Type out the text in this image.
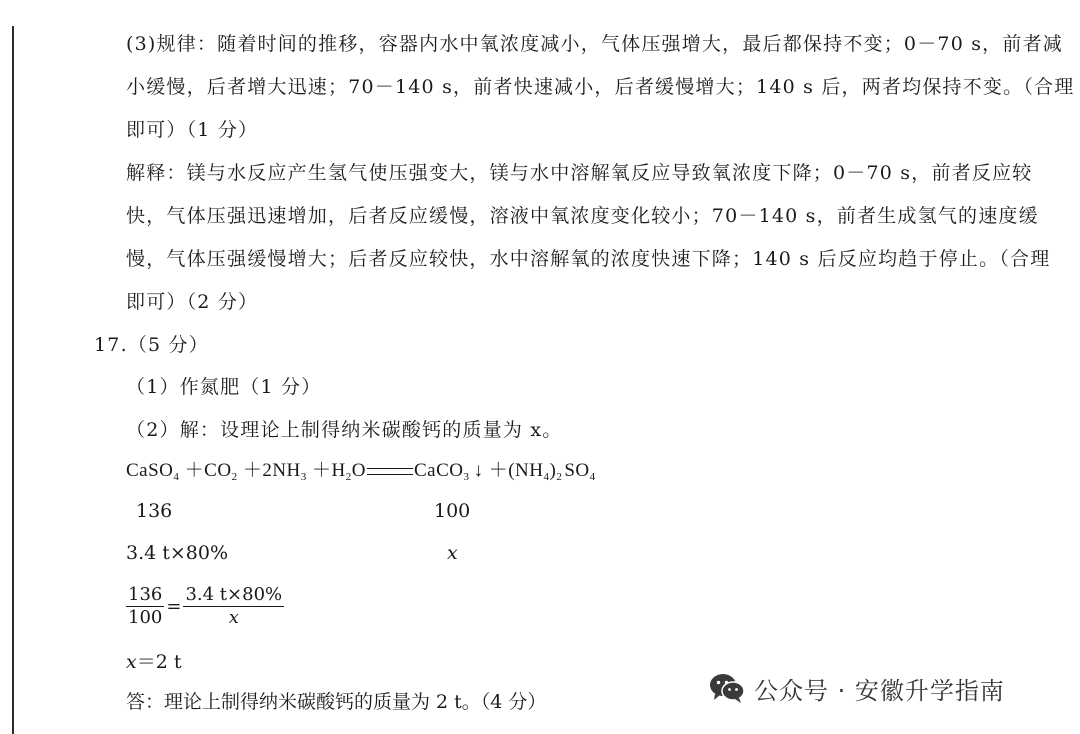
(3)规律：随着时间的推移，容器内水中氧浓度减小，气体压强增大，最后都保持不变；0－70 s，前者减
小缓慢，后者增大迅速；70－140 s，前者快速减小，后者缓慢增大；140 s 后，两者均保持不变。（合理
即可）（1 分）
解释：镁与水反应产生氢气使压强变大，镁与水中溶解氧反应导致氧浓度下降；0－70 s，前者反应较
快，气体压强迅速增加，后者反应缓慢，溶液中氧浓度变化较小；70－140 s，前者生成氢气的速度缓
慢，气体压强缓慢增大；后者反应较快，水中溶解氧的浓度快速下降；140 s 后反应均趋于停止。（合理
即可）（2 分）
17.（5 分）
（1）作氮肥（1 分）
（2）解：设理论上制得纳米碳酸钙的质量为 x。
CaSO$_4$ $+CO_2 +2NH_3 +H_2O$	CaCO$_3$ ↓ $+(NH_4)_2$ $SO_4$
136	100
3.4 t×80%	x
$\frac{136}{100} = \frac{3.4 t\times 80\%}{x}$
x＝2 t
答：理论上制得纳米碳酸钙的质量为 2 t。（4 分）	公众号 · 安徽升学指南
